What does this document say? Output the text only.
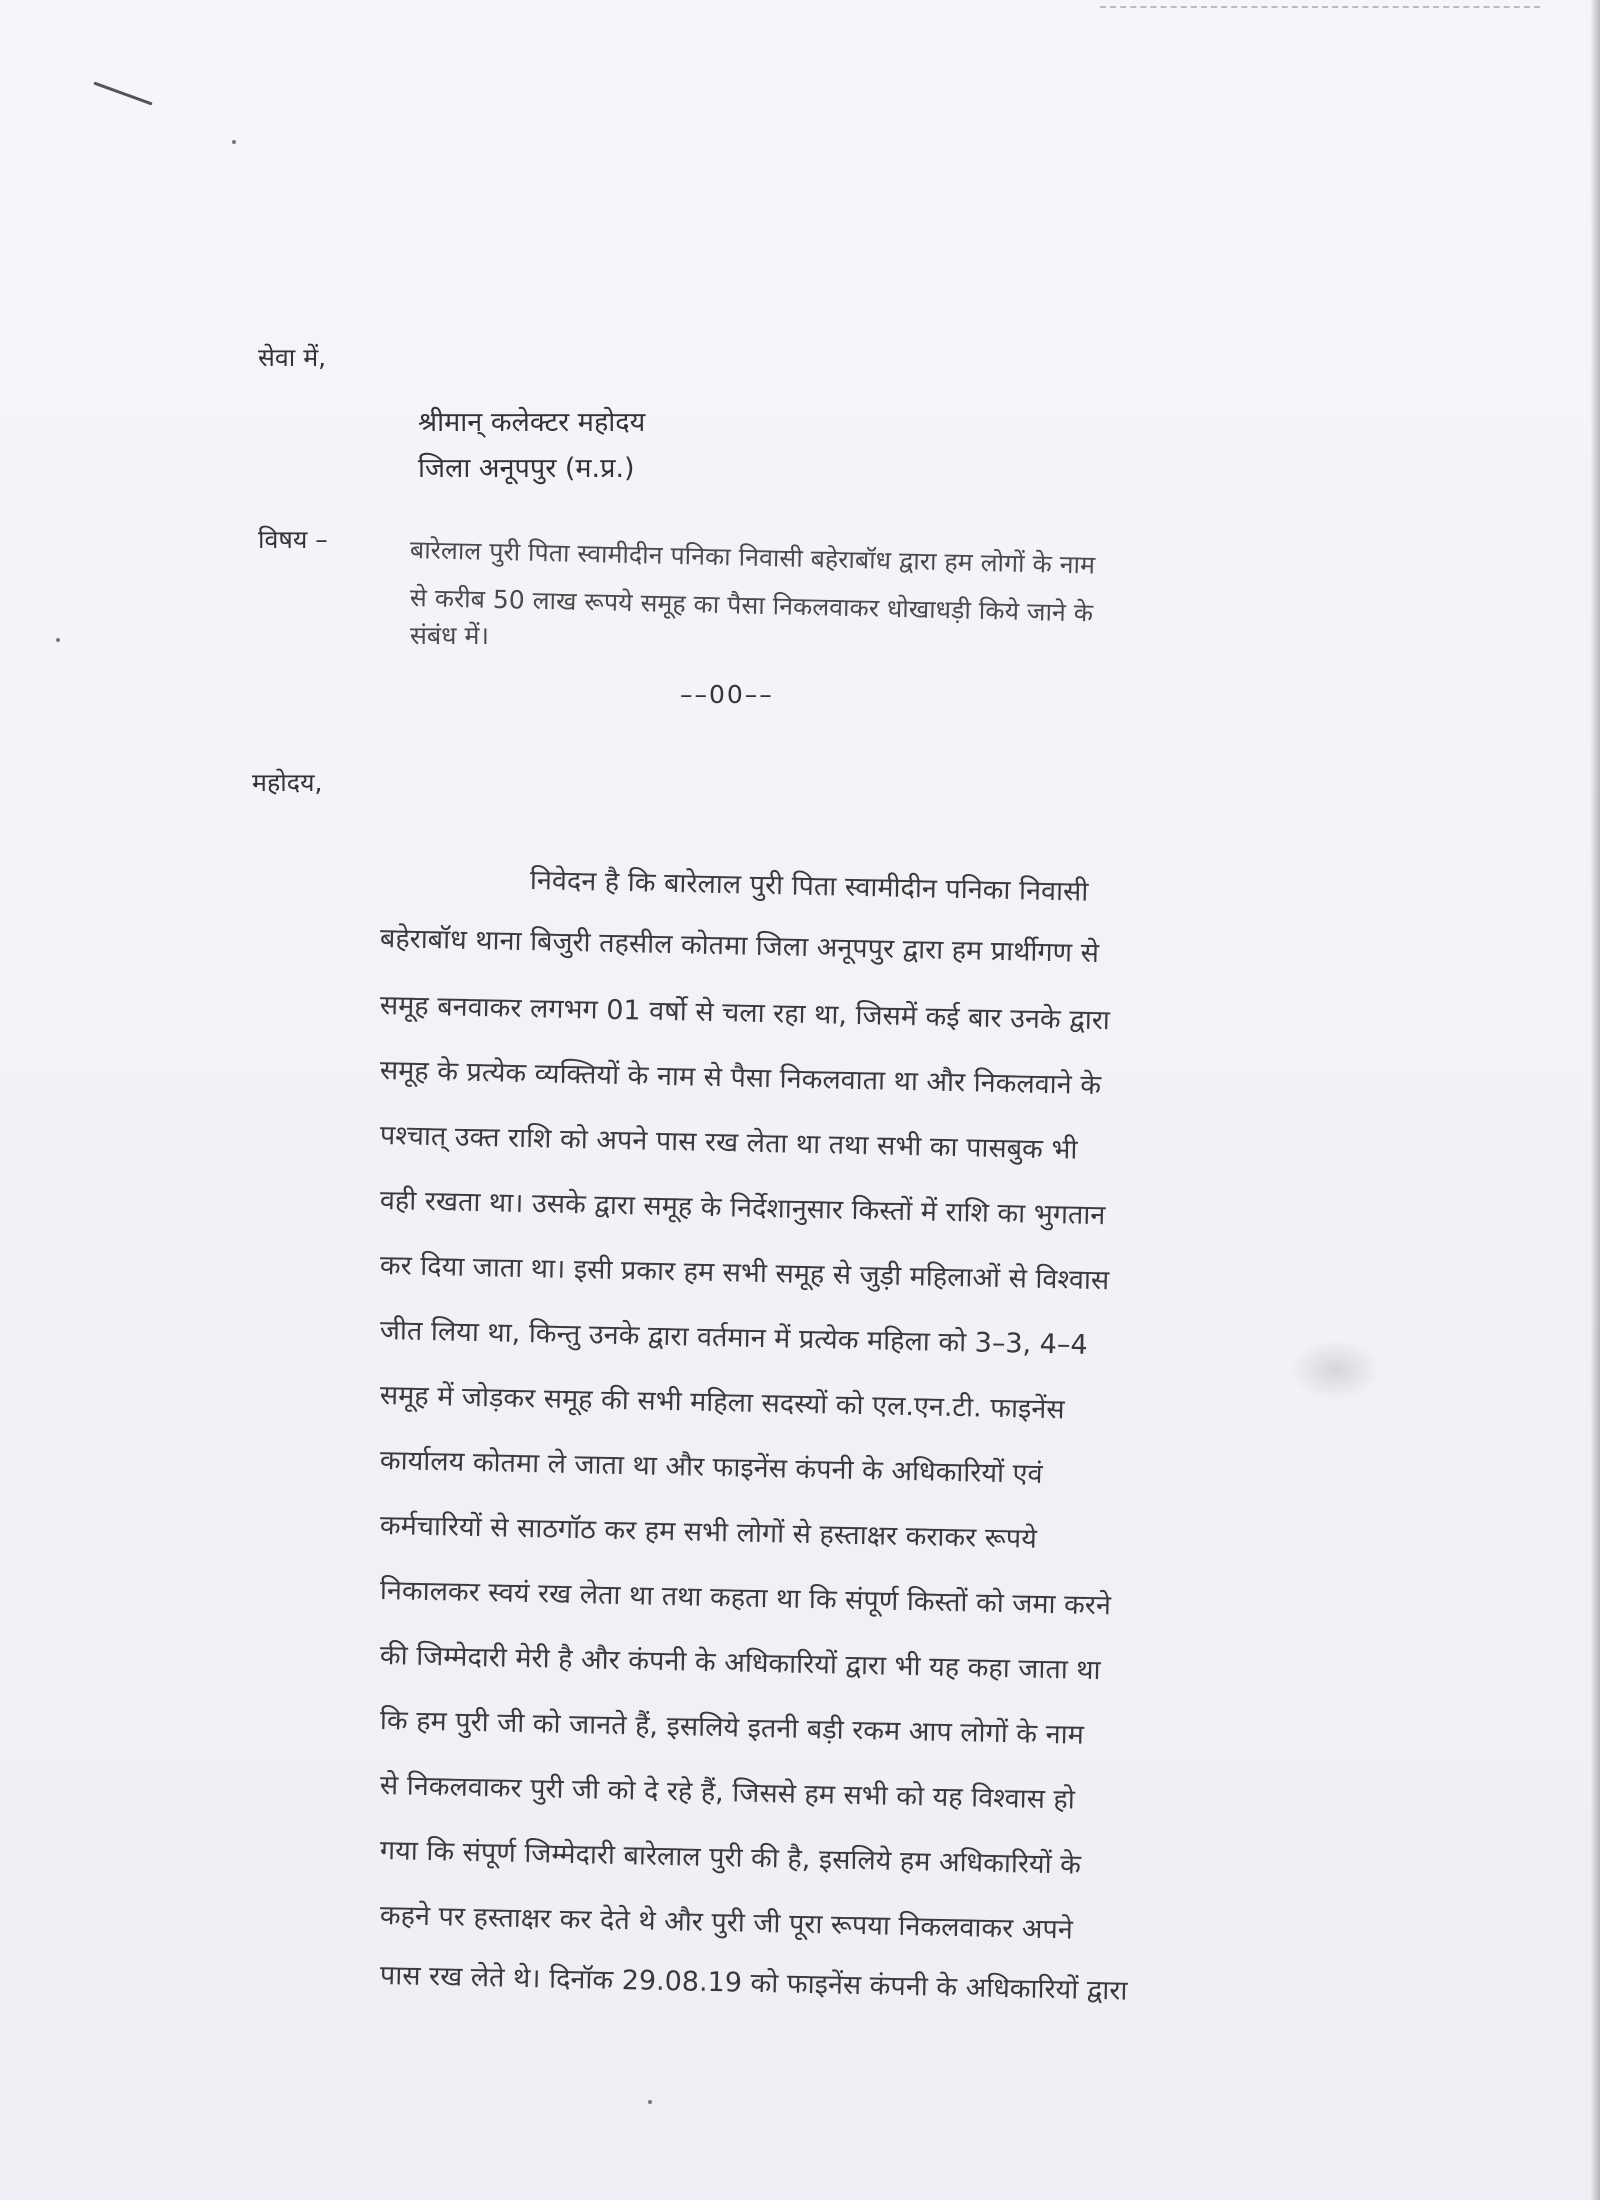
सेवा में,
श्रीमान् कलेक्टर महोदय
जिला अनूपपुर (म.प्र.)
विषय –	बारेलाल पुरी पिता स्वामीदीन पनिका निवासी बहेराबॉध द्वारा हम लोगों के नाम
से करीब 50 लाख रूपये समूह का पैसा निकलवाकर धोखाधड़ी किये जाने के
संबंध में।
––00––
महोदय,
निवेदन है कि बारेलाल पुरी पिता स्वामीदीन पनिका निवासी
बहेराबॉध थाना बिजुरी तहसील कोतमा जिला अनूपपुर द्वारा हम प्रार्थीगण से
समूह बनवाकर लगभग 01 वर्षो से चला रहा था, जिसमें कई बार उनके द्वारा
समूह के प्रत्येक व्यक्तियों के नाम से पैसा निकलवाता था और निकलवाने के
पश्चात् उक्त राशि को अपने पास रख लेता था तथा सभी का पासबुक भी
वही रखता था। उसके द्वारा समूह के निर्देशानुसार किस्तों में राशि का भुगतान
कर दिया जाता था। इसी प्रकार हम सभी समूह से जुड़ी महिलाओं से विश्वास
जीत लिया था, किन्तु उनके द्वारा वर्तमान में प्रत्येक महिला को 3–3, 4–4
समूह में जोड़कर समूह की सभी महिला सदस्यों को एल.एन.टी. फाइनेंस
कार्यालय कोतमा ले जाता था और फाइनेंस कंपनी के अधिकारियों एवं
कर्मचारियों से साठगॉठ कर हम सभी लोगों से हस्ताक्षर कराकर रूपये
निकालकर स्वयं रख लेता था तथा कहता था कि संपूर्ण किस्तों को जमा करने
की जिम्मेदारी मेरी है और कंपनी के अधिकारियों द्वारा भी यह कहा जाता था
कि हम पुरी जी को जानते हैं, इसलिये इतनी बड़ी रकम आप लोगों के नाम
से निकलवाकर पुरी जी को दे रहे हैं, जिससे हम सभी को यह विश्वास हो
गया कि संपूर्ण जिम्मेदारी बारेलाल पुरी की है, इसलिये हम अधिकारियों के
कहने पर हस्ताक्षर कर देते थे और पुरी जी पूरा रूपया निकलवाकर अपने
पास रख लेते थे। दिनॉक 29.08.19 को फाइनेंस कंपनी के अधिकारियों द्वारा
